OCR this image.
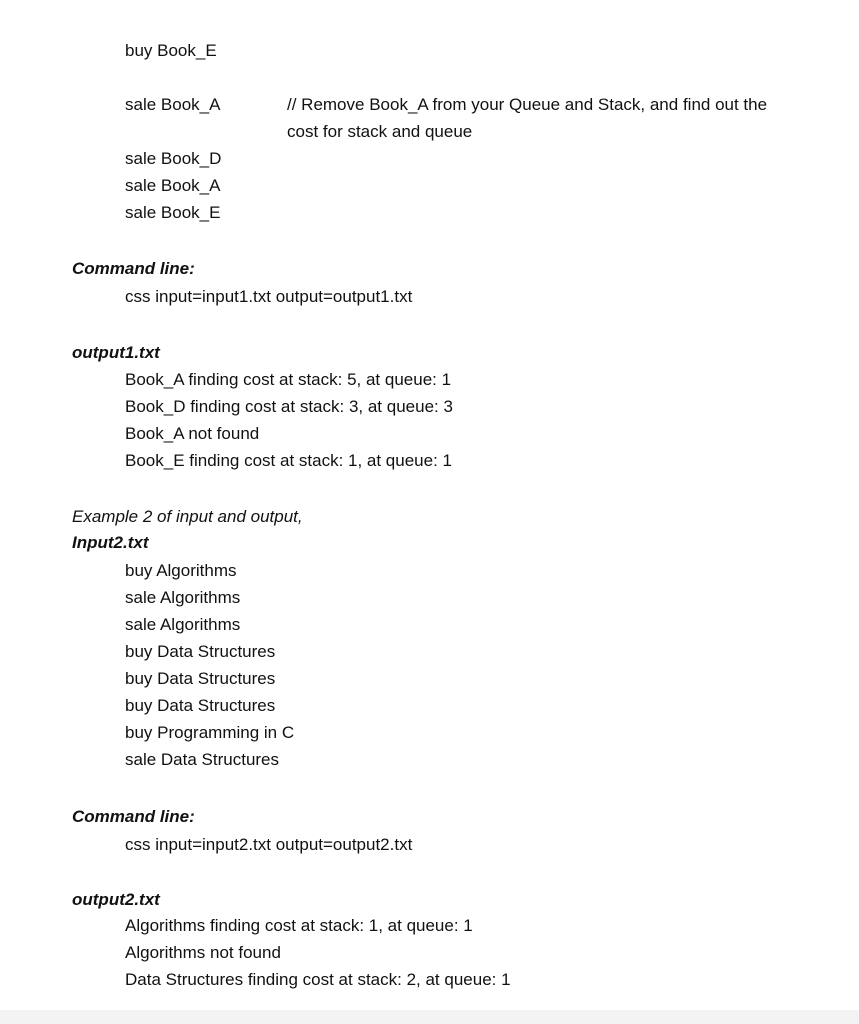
buy Book_E
sale Book_A	// Remove Book_A from your Queue and Stack, and find out the cost for stack and queue
sale Book_D
sale Book_A
sale Book_E
Command line:
css input=input1.txt output=output1.txt
output1.txt
Book_A finding cost at stack: 5, at queue: 1
Book_D finding cost at stack: 3, at queue: 3
Book_A not found
Book_E finding cost at stack: 1, at queue: 1
Example 2 of input and output,
Input2.txt
buy Algorithms
sale Algorithms
sale Algorithms
buy Data Structures
buy Data Structures
buy Data Structures
buy Programming in C
sale Data Structures
Command line:
css input=input2.txt output=output2.txt
output2.txt
Algorithms finding cost at stack: 1, at queue: 1
Algorithms not found
Data Structures finding cost at stack: 2, at queue: 1
